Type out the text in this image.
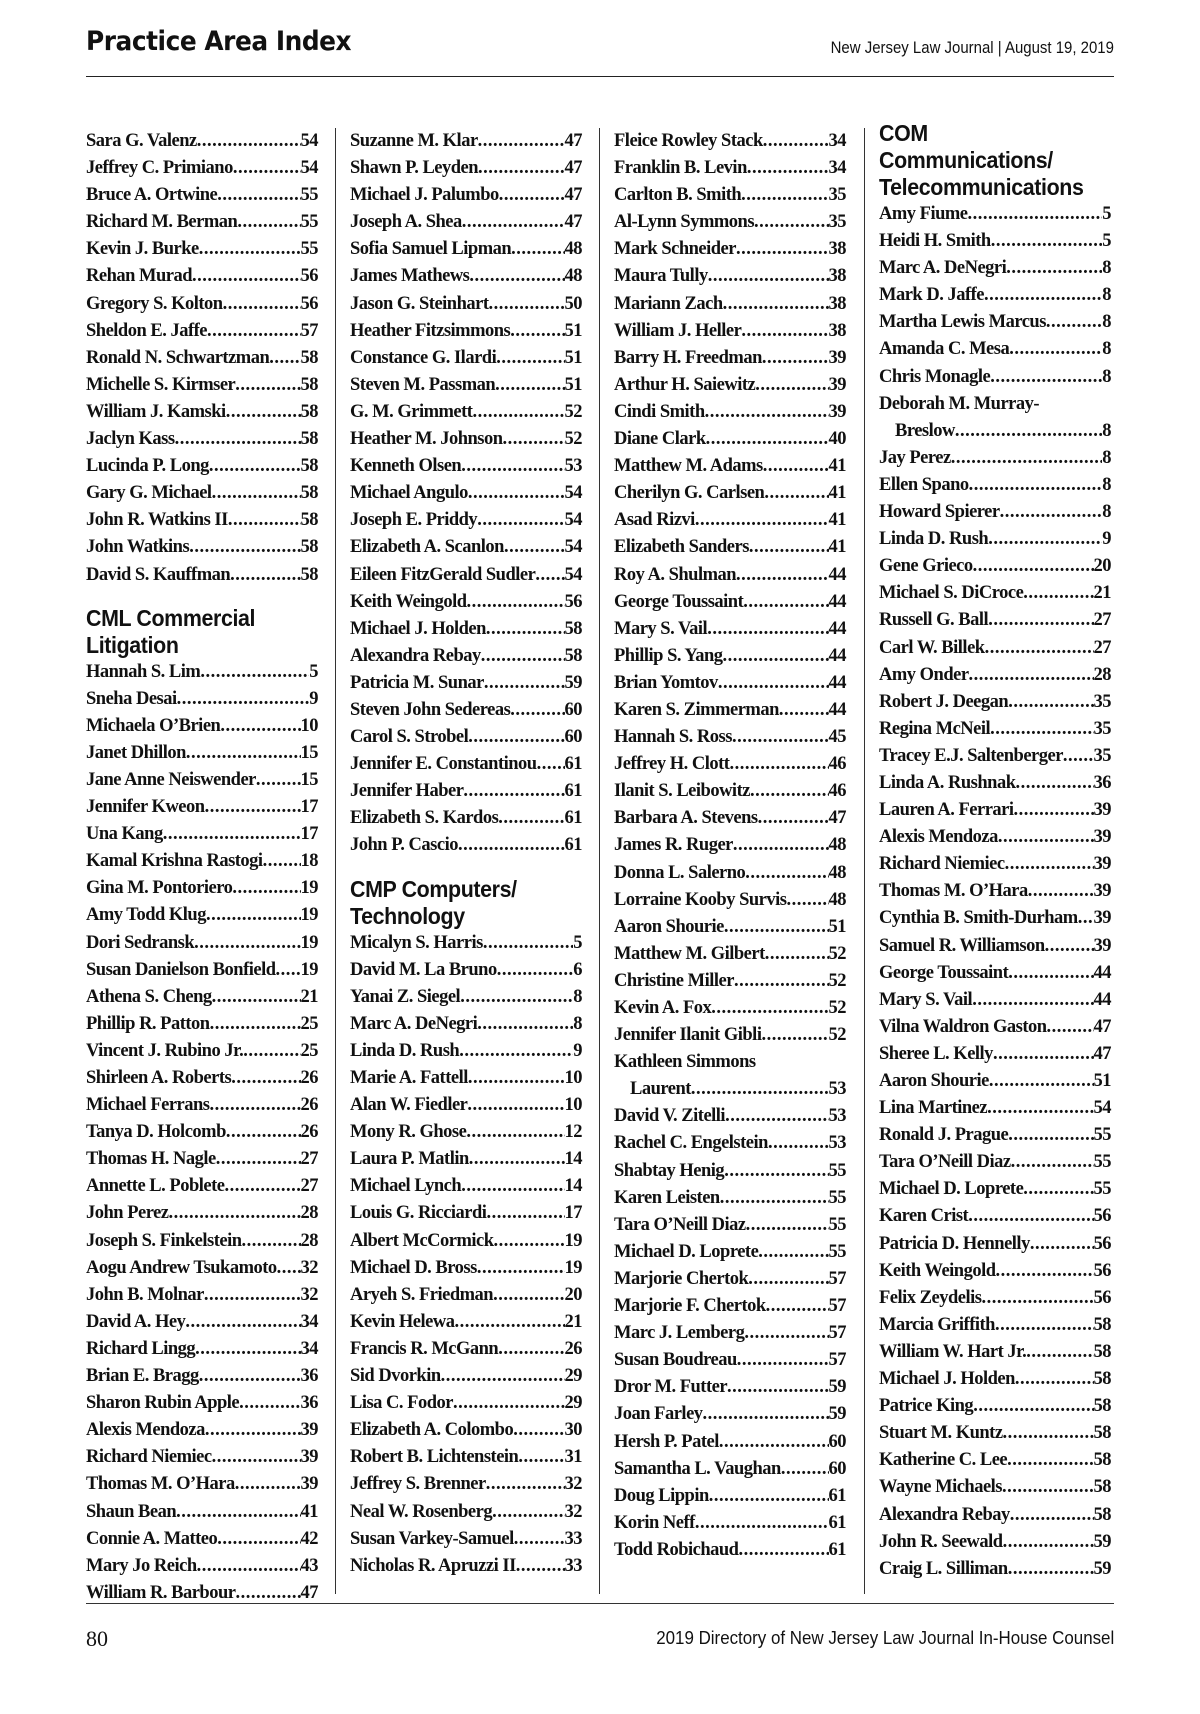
Practice Area Index	New Jersey Law Journal | August 19, 2019
Sara G. Valenz .....	54
Jeffrey C. Primiano .....	54
Bruce A. Ortwine .....	55
Richard M. Berman .....	55
Kevin J. Burke .....	55
Rehan Murad .....	56
Gregory S. Kolton .....	56
Sheldon E. Jaffe .....	57
Ronald N. Schwartzman ..... 58
Michelle S. Kirmser .....	58
William J. Kamski .....	58
Jaclyn Kass .....	58
Lucinda P. Long .....	58
Gary G. Michael .....	58
John R. Watkins II .....	58
John Watkins .....	58
David S. Kauffman .....	58
CML Commercial
Litigation
Hannah S. Lim .....	5
Sneha Desai .....	9
Michaela O’Brien .....	10
Janet Dhillon .....	15
Jane Anne Neiswender ..... 15
Jennifer Kweon .....	17
Una Kang .....	17
Kamal Krishna Rastogi ..... 18
Gina M. Pontoriero .....	19
Amy Todd Klug .....	19
Dori Sedransk .....	19
Susan Danielson Bonfield ..... 19
Athena S. Cheng .....	21
Phillip R. Patton .....	25
Vincent J. Rubino Jr. .....	25
Shirleen A. Roberts .....	26
Michael Ferrans .....	26
Tanya D. Holcomb .....	26
Thomas H. Nagle .....	27
Annette L. Poblete .....	27
John Perez .....	28
Joseph S. Finkelstein .....	28
Aogu Andrew Tsukamoto ..... 32
John B. Molnar .....	32
David A. Hey .....	34
Richard Lingg .....	34
Brian E. Bragg .....	36
Sharon Rubin Apple .....	36
Alexis Mendoza .....	39
Richard Niemiec .....	39
Thomas M. O’Hara .....	39
Shaun Bean .....	41
Connie A. Matteo .....	42
Mary Jo Reich .....	43
William R. Barbour .....	47
Suzanne M. Klar .....	47
Shawn P. Leyden .....	47
Michael J. Palumbo .....	47
Joseph A. Shea .....	47
Sofia Samuel Lipman .....	48
James Mathews .....	48
Jason G. Steinhart .....	50
Heather Fitzsimmons .....	51
Constance G. Ilardi .....	51
Steven M. Passman .....	51
G. M. Grimmett .....	52
Heather M. Johnson .....	52
Kenneth Olsen .....	53
Michael Angulo .....	54
Joseph E. Priddy .....	54
Elizabeth A. Scanlon .....	54
Eileen FitzGerald Sudler ..... 54
Keith Weingold .....	56
Michael J. Holden .....	58
Alexandra Rebay .....	58
Patricia M. Sunar .....	59
Steven John Sedereas .....	60
Carol S. Strobel .....	60
Jennifer E. Constantinou ..... 61
Jennifer Haber .....	61
Elizabeth S. Kardos .....	61
John P. Cascio .....	61
CMP Computers/
Technology
Micalyn S. Harris .....	5
David M. La Bruno .....	6
Yanai Z. Siegel .....	8
Marc A. DeNegri .....	8
Linda D. Rush .....	9
Marie A. Fattell .....	10
Alan W. Fiedler .....	10
Mony R. Ghose .....	12
Laura P. Matlin .....	14
Michael Lynch .....	14
Louis G. Ricciardi .....	17
Albert McCormick .....	19
Michael D. Bross .....	19
Aryeh S. Friedman .....	20
Kevin Helewa .....	21
Francis R. McGann .....	26
Sid Dvorkin .....	29
Lisa C. Fodor .....	29
Elizabeth A. Colombo .....	30
Robert B. Lichtenstein ..... 31
Jeffrey S. Brenner .....	32
Neal W. Rosenberg .....	32
Susan Varkey-Samuel .....	33
Nicholas R. Apruzzi II .....	33
Fleice Rowley Stack .....	34
Franklin B. Levin .....	34
Carlton B. Smith .....	35
Al-Lynn Symmons .....	35
Mark Schneider .....	38
Maura Tully .....	38
Mariann Zach .....	38
William J. Heller .....	38
Barry H. Freedman .....	39
Arthur H. Saiewitz .....	39
Cindi Smith .....	39
Diane Clark .....	40
Matthew M. Adams .....	41
Cherilyn G. Carlsen .....	41
Asad Rizvi .....	41
Elizabeth Sanders .....	41
Roy A. Shulman .....	44
George Toussaint .....	44
Mary S. Vail .....	44
Phillip S. Yang .....	44
Brian Yomtov .....	44
Karen S. Zimmerman .....	44
Hannah S. Ross .....	45
Jeffrey H. Clott .....	46
Ilanit S. Leibowitz .....	46
Barbara A. Stevens .....	47
James R. Ruger .....	48
Donna L. Salerno .....	48
Lorraine Kooby Survis ..... 48
Aaron Shourie .....	51
Matthew M. Gilbert .....	52
Christine Miller .....	52
Kevin A. Fox .....	52
Jennifer Ilanit Gibli .....	52
Kathleen Simmons
Laurent .....	53
David V. Zitelli .....	53
Rachel C. Engelstein .....	53
Shabtay Henig .....	55
Karen Leisten .....	55
Tara O’Neill Diaz .....	55
Michael D. Loprete .....	55
Marjorie Chertok .....	57
Marjorie F. Chertok .....	57
Marc J. Lemberg .....	57
Susan Boudreau .....	57
Dror M. Futter .....	59
Joan Farley .....	59
Hersh P. Patel .....	60
Samantha L. Vaughan .....	60
Doug Lippin .....	61
Korin Neff .....	61
Todd Robichaud .....	61
COM
Communications/
Telecommunications
Amy Fiume .....	5
Heidi H. Smith .....	5
Marc A. DeNegri .....	8
Mark D. Jaffe .....	8
Martha Lewis Marcus .....	8
Amanda C. Mesa .....	8
Chris Monagle .....	8
Deborah M. Murray-
Breslow .....	8
Jay Perez .....	8
Ellen Spano .....	8
Howard Spierer .....	8
Linda D. Rush .....	9
Gene Grieco .....	20
Michael S. DiCroce .....	21
Russell G. Ball .....	27
Carl W. Billek .....	27
Amy Onder .....	28
Robert J. Deegan .....	35
Regina McNeil .....	35
Tracey E.J. Saltenberger ..... 35
Linda A. Rushnak .....	36
Lauren A. Ferrari .....	39
Alexis Mendoza .....	39
Richard Niemiec .....	39
Thomas M. O’Hara .....	39
Cynthia B. Smith-Durham ..... 39
Samuel R. Williamson .....	39
George Toussaint .....	44
Mary S. Vail .....	44
Vilna Waldron Gaston .....	47
Sheree L. Kelly .....	47
Aaron Shourie .....	51
Lina Martinez .....	54
Ronald J. Prague .....	55
Tara O’Neill Diaz .....	55
Michael D. Loprete .....	55
Karen Crist .....	56
Patricia D. Hennelly .....	56
Keith Weingold .....	56
Felix Zeydelis .....	56
Marcia Griffith .....	58
William W. Hart Jr. .....	58
Michael J. Holden .....	58
Patrice King .....	58
Stuart M. Kuntz .....	58
Katherine C. Lee .....	58
Wayne Michaels .....	58
Alexandra Rebay .....	58
John R. Seewald .....	59
Craig L. Silliman .....	59
80	2019 Directory of New Jersey Law Journal In-House Counsel
